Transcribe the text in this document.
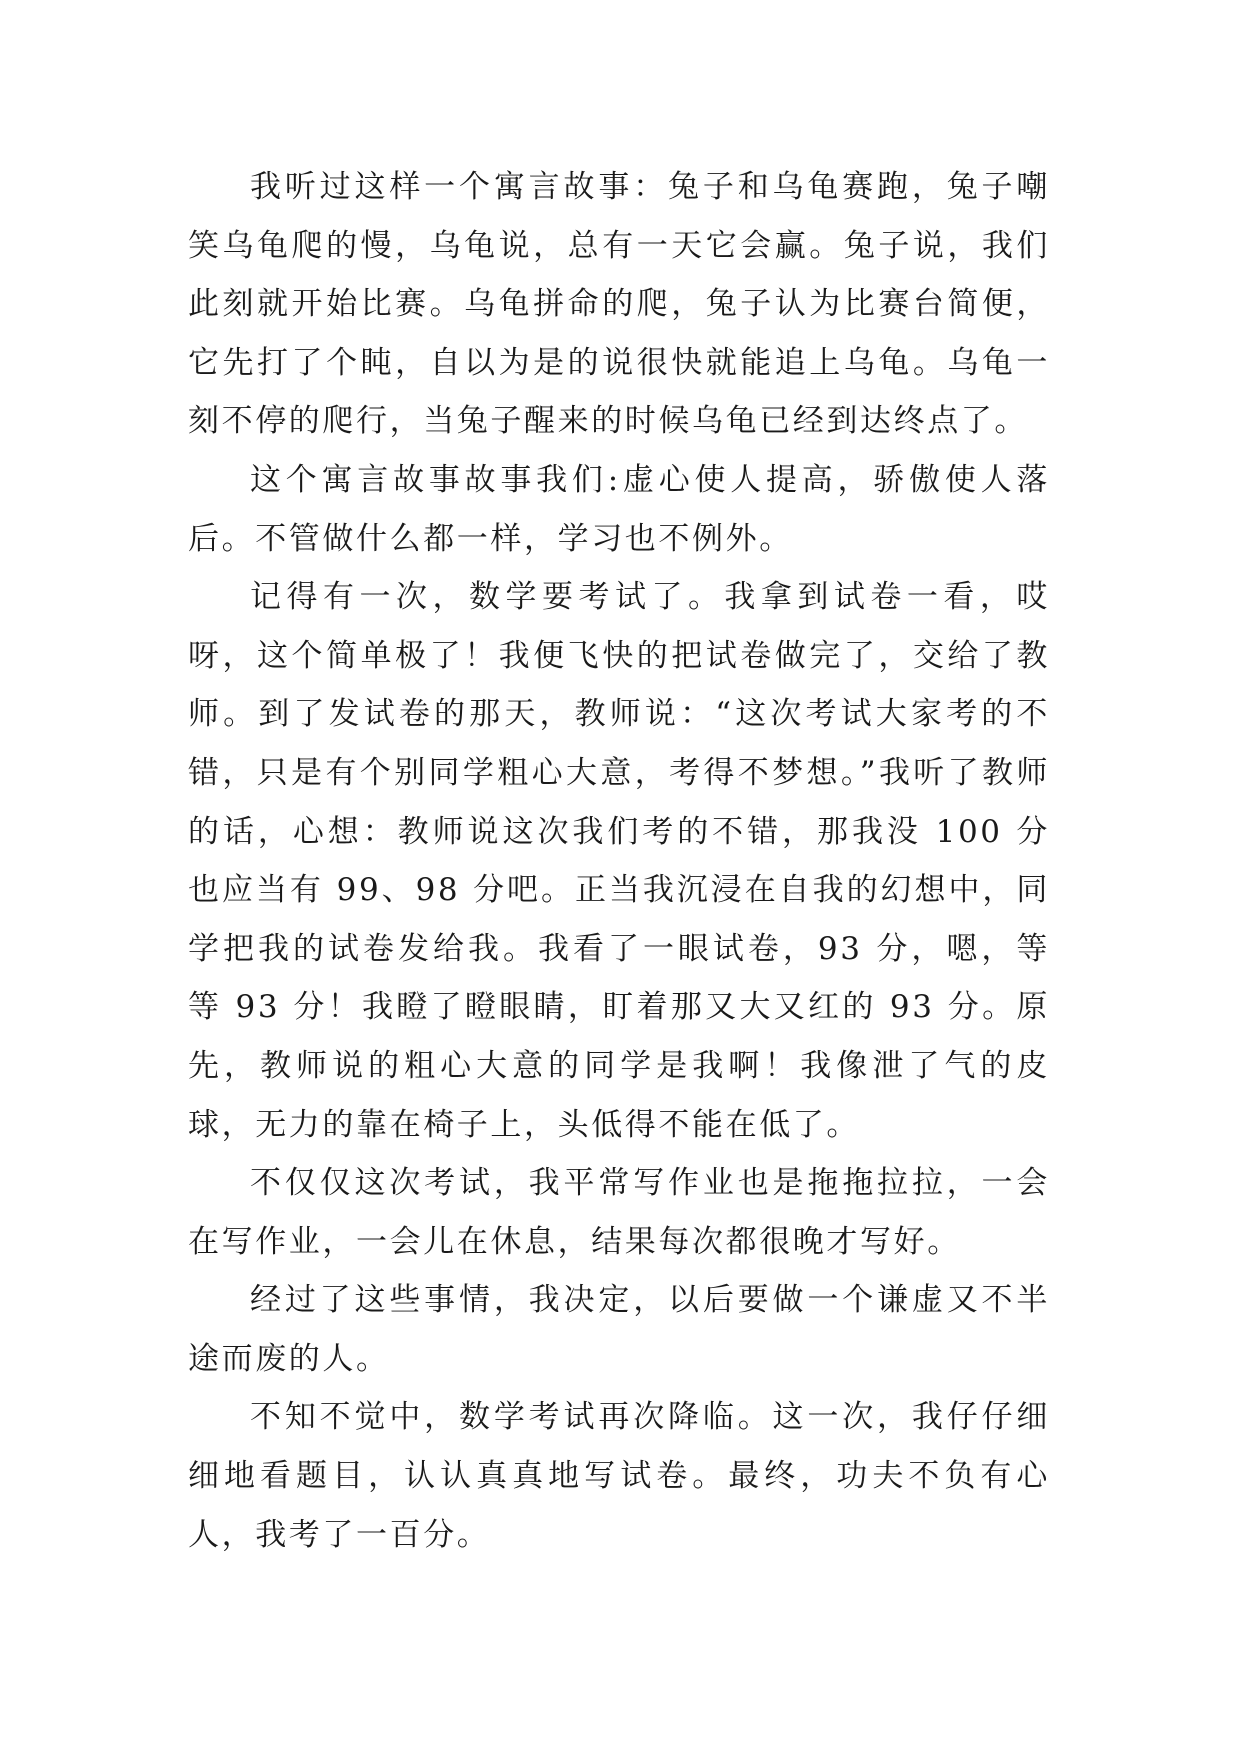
我听过这样一个寓言故事：兔子和乌龟赛跑，兔子嘲笑乌龟爬的慢，乌龟说，总有一天它会赢。兔子说，我们此刻就开始比赛。乌龟拼命的爬，兔子认为比赛台简便，它先打了个盹，自以为是的说很快就能追上乌龟。乌龟一刻不停的爬行，当兔子醒来的时候乌龟已经到达终点了。

这个寓言故事故事我们:虚心使人提高，骄傲使人落后。不管做什么都一样，学习也不例外。

记得有一次，数学要考试了。我拿到试卷一看，哎呀，这个简单极了！我便飞快的把试卷做完了，交给了教师。到了发试卷的那天，教师说：“这次考试大家考的不错，只是有个别同学粗心大意，考得不梦想。”我听了教师的话，心想：教师说这次我们考的不错，那我没 100 分也应当有 99、98 分吧。正当我沉浸在自我的幻想中，同学把我的试卷发给我。我看了一眼试卷，93 分，嗯，等等 93 分！我瞪了瞪眼睛，盯着那又大又红的 93 分。原先，教师说的粗心大意的同学是我啊！我像泄了气的皮球，无力的靠在椅子上，头低得不能在低了。

不仅仅这次考试，我平常写作业也是拖拖拉拉，一会在写作业，一会儿在休息，结果每次都很晚才写好。

经过了这些事情，我决定，以后要做一个谦虚又不半途而废的人。

不知不觉中，数学考试再次降临。这一次，我仔仔细细地看题目，认认真真地写试卷。最终，功夫不负有心人，我考了一百分。
